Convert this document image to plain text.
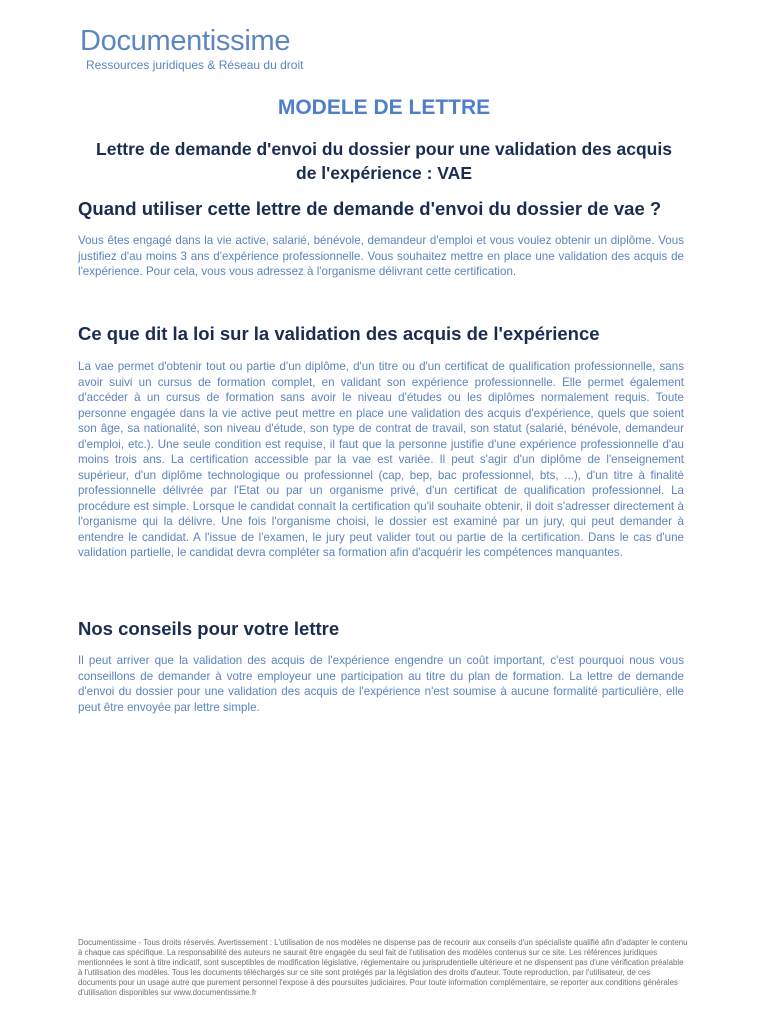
Documentissime
Ressources juridiques & Réseau du droit
MODELE DE LETTRE
Lettre de demande d'envoi du dossier pour une validation des acquis de l'expérience : VAE
Quand utiliser cette lettre de demande d'envoi du dossier de vae ?

Vous êtes engagé dans la vie active, salarié, bénévole, demandeur d'emploi et vous voulez obtenir un diplôme. Vous justifiez d'au moins 3 ans d'expérience professionnelle. Vous souhaitez mettre en place une validation des acquis de l'expérience. Pour cela, vous vous adressez à l'organisme délivrant cette certification.

Ce que dit la loi sur la validation des acquis de l'expérience

La vae permet d'obtenir tout ou partie d'un diplôme, d'un titre ou d'un certificat de qualification professionnelle, sans avoir suivi un cursus de formation complet, en validant son expérience professionnelle. Elle permet également d'accéder à un cursus de formation sans avoir le niveau d'études ou les diplômes normalement requis. Toute personne engagée dans la vie active peut mettre en place une validation des acquis d'expérience, quels que soient son âge, sa nationalité, son niveau d'étude, son type de contrat de travail, son statut (salarié, bénévole, demandeur d'emploi, etc.). Une seule condition est requise, il faut que la personne justifie d'une expérience professionnelle d'au moins trois ans. La certification accessible par la vae est variée. Il peut s'agir d'un diplôme de l'enseignement supérieur, d'un diplôme technologique ou professionnel (cap, bep, bac professionnel, bts, ...), d'un titre à finalité professionnelle délivrée par l'Etat ou par un organisme privé, d'un certificat de qualification professionnel. La procédure est simple. Lorsque le candidat connaît la certification qu'il souhaite obtenir, il doit s'adresser directement à l'organisme qui la délivre. Une fois l'organisme choisi, le dossier est examiné par un jury, qui peut demander à entendre le candidat. A l'issue de l'examen, le jury peut valider tout ou partie de la certification. Dans le cas d'une validation partielle, le candidat devra compléter sa formation afin d'acquérir les compétences manquantes.

Nos conseils pour votre lettre

Il peut arriver que la validation des acquis de l'expérience engendre un coût important, c'est pourquoi nous vous conseillons de demander à votre employeur une participation au titre du plan de formation. La lettre de demande d'envoi du dossier pour une validation des acquis de l'expérience n'est soumise à aucune formalité particulière, elle peut être envoyée par lettre simple.

Documentissime - Tous droits réservés. Avertissement : L'utilisation de nos modèles ne dispense pas de recourir aux conseils d'un spécialiste qualifié afin d'adapter le contenu à chaque cas spécifique. La responsabilité des auteurs ne saurait être engagée du seul fait de l'utilisation des modèles contenus sur ce site. Les références juridiques mentionnées le sont à titre indicatif, sont susceptibles de modification législative, réglementaire ou jurisprudentielle ultérieure et ne dispensent pas d'une vérification préalable à l'utilisation des modèles. Tous les documents téléchargés sur ce site sont protégés par la législation des droits d'auteur. Toute reproduction, par l'utilisateur, de ces documents pour un usage autre que purement personnel l'expose à des poursuites judiciaires. Pour toute information complémentaire, se reporter aux conditions générales d'utilisation disponibles sur www.documentissime.fr
